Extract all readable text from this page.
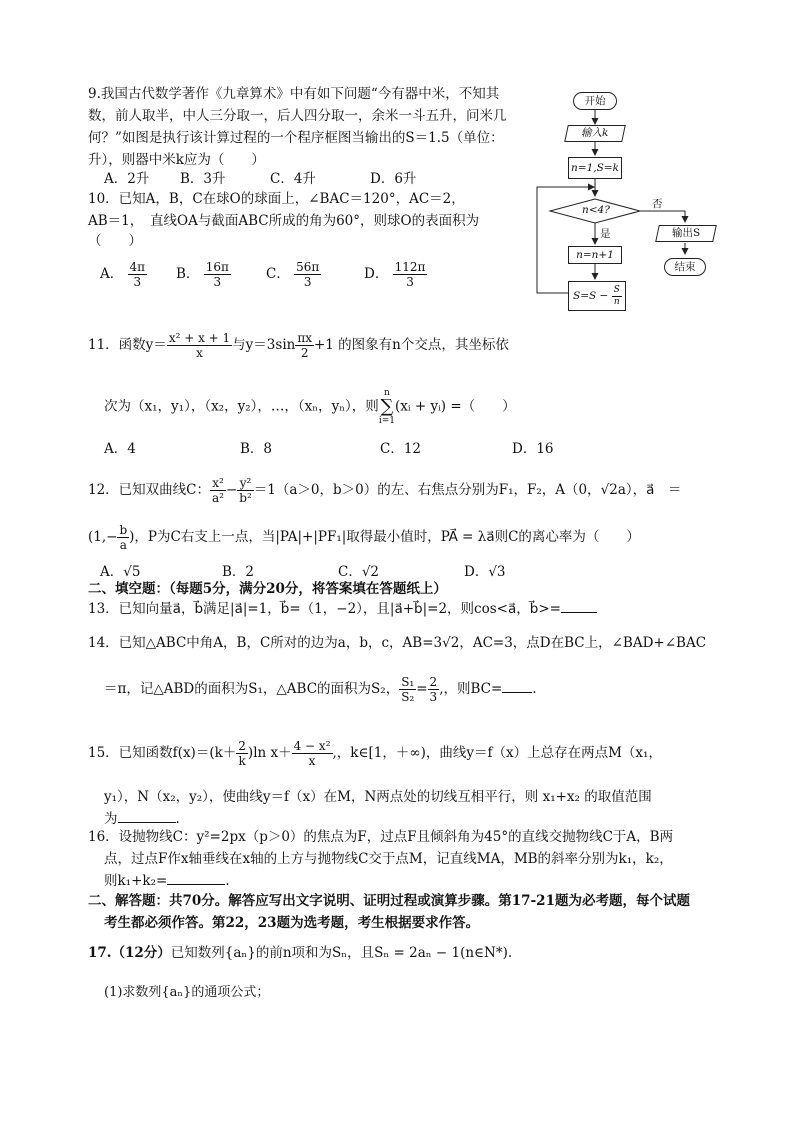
开始
输入k
n=1,S=k
n<4?	否
是
n=n+1
$S=S - \frac{S}{n}$
输出S
结束
9.我国古代数学著作《九章算术》中有如下问题“今有器中米，不知其
数，前人取半，中人三分取一，后人四分取一，余米一斗五升，问米几
何？”如图是执行该计算过程的一个程序框图当输出的S＝1.5（单位：
升），则器中米k应为（　　）
A．2升 B．3升	C．4升	D．6升
10．已知A，B，C在球O的球面上，∠BAC＝120°，AC＝2，
AB＝1，　直线OA与截面ABC所成的角为60°，则球O的表面积为
（　　）
A． $\frac{4\pi}{3}$ B． $\frac{16\pi}{3}$	C． $\frac{56\pi}{3}$	D． $\frac{112\pi}{3}$
11．函数$y= \frac{\text{x² + x + 1}}{x}$ 与$y=3\sin \frac{\pi x}{2} +1$ 的图象有n个交点，其坐标依
次为（x₁，y₁），（x₂，y₂），…，（xₙ，yₙ），则
n
∑
i=1
(xᵢ + yᵢ) =（　　）
A．4	B．8	C．12	D．16
12．已知双曲线C： $\frac{\text{x²}}{\text{a²}} - \frac{\text{y²}}{\text{b²}} =1(a>0$，b＞0）的左、右焦点分别为F₁，F₂，A（0，√2a），a⃗　＝
($1,- \frac{b}{a}$ )，P为C右支上一点，当|PA|+|PF₁|取得最小值时，PA⃗ = λa⃗则C的离心率为（　　）
A．√5	B．2	C．√2	D．√3
二、填空题：（每题5分，满分20分，将答案填在答题纸上）
13．已知向量a⃗，b⃗满足|a⃗|=1，b⃗=（1，−2），且|a⃗+b⃗|=2，则cos<a⃗，b⃗>=
14．已知△ABC中角A，B，C所对的边为a，b，c，AB=3√2，AC=3，点D在BC上，∠BAD+∠BAC
＝π，记△ABD的面积为S₁，△ABC的面积为S₂， $\frac{\text{S₁}}{\text{S₂}} = \frac{2}{3}$ ,，则BC= .
15．已知函数$f(x)=(k+ \frac{2}{k} )\ln$ $x+ \frac{\text{4 − x²}}{x}$ ,，k∈[1，＋∞)，曲线y＝f（x）上总存在两点M（x₁，
y₁），N（x₂，y₂），使曲线y＝f（x）在M，N两点处的切线互相平行，则 x₁+x₂ 的取值范围
为	.
16．设抛物线C：y²=2px（p＞0）的焦点为F，过点F且倾斜角为45°的直线交抛物线C于A，B两
点，过点F作x轴垂线在x轴的上方与抛物线C交于点M，记直线MA，MB的斜率分别为k₁，k₂，
则k₁+k₂=	.
二、解答题：共70分。解答应写出文字说明、证明过程或演算步骤。第17-21题为必考题，每个试题
考生都必须作答。第22，23题为选考题，考生根据要求作答。
17.（12分）已知数列{aₙ}的前n项和为Sₙ，且Sₙ = 2aₙ − 1(n∈N*).
(1)求数列{aₙ}的通项公式；
